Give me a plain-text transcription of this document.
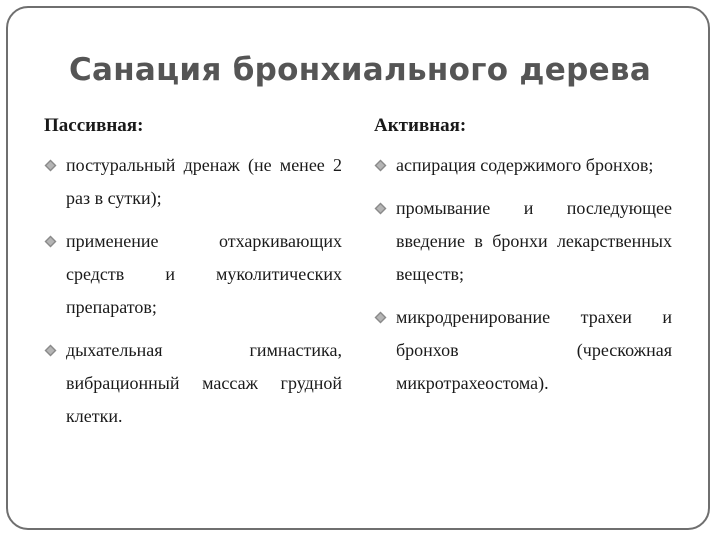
Санация бронхиального дерева
Пассивная:
постуральный дренаж (не менее 2 раз в сутки);
применение отхаркивающих средств и муколитических препаратов;
дыхательная гимнастика, вибрационный массаж грудной клетки.
Активная:
аспирация содержимого бронхов;
промывание и последующее введение в бронхи лекарственных веществ;
микродренирование трахеи и бронхов (чрескожная микротрахеостома).
